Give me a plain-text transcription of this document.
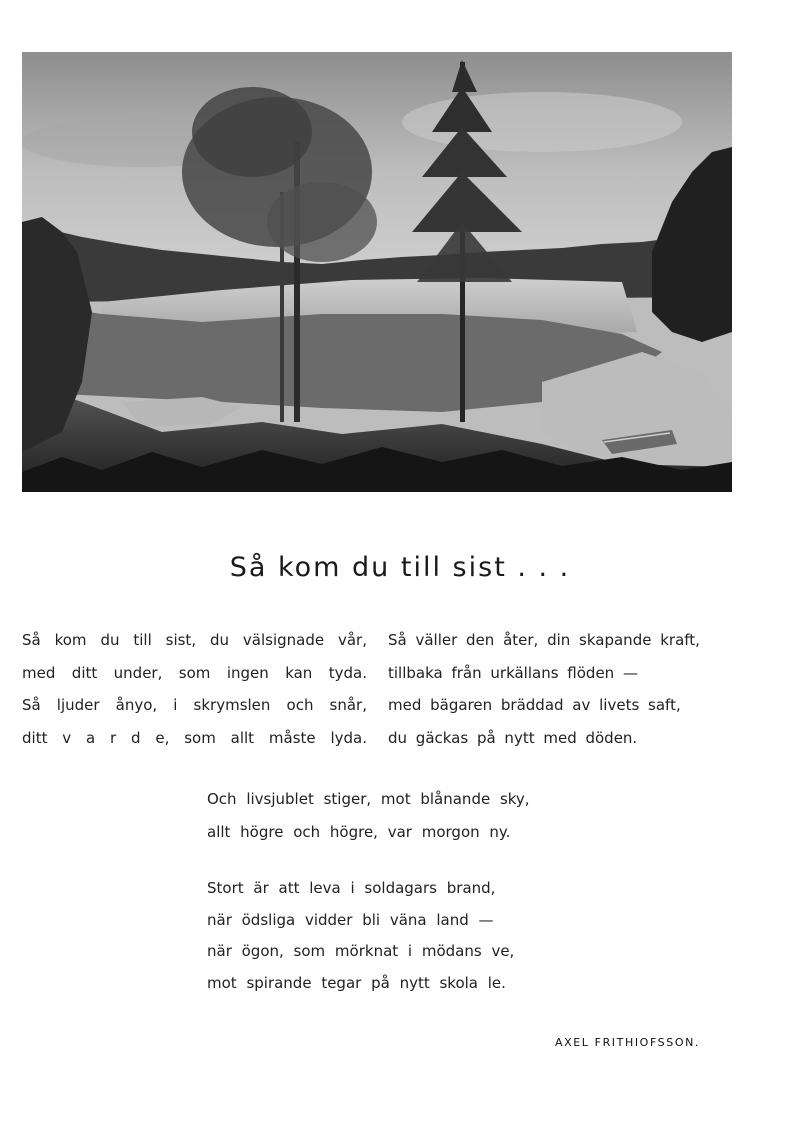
Så kom du till sist . . .
Så kom du till sist, du välsignade vår,
med ditt under, som ingen kan tyda.
Så ljuder ånyo, i skrymslen och snår,
ditt v a r d e, som allt måste lyda.
Så väller den åter, din skapande kraft,
tillbaka från urkällans flöden —
med bägaren bräddad av livets saft,
du gäckas på nytt med döden.
Och livsjublet stiger, mot blånande sky,
allt högre och högre, var morgon ny.
Stort är att leva i soldagars brand,
när ödsliga vidder bli väna land —
när ögon, som mörknat i mödans ve,
mot spirande tegar på nytt skola le.
AXEL FRITHIOFSSON.
